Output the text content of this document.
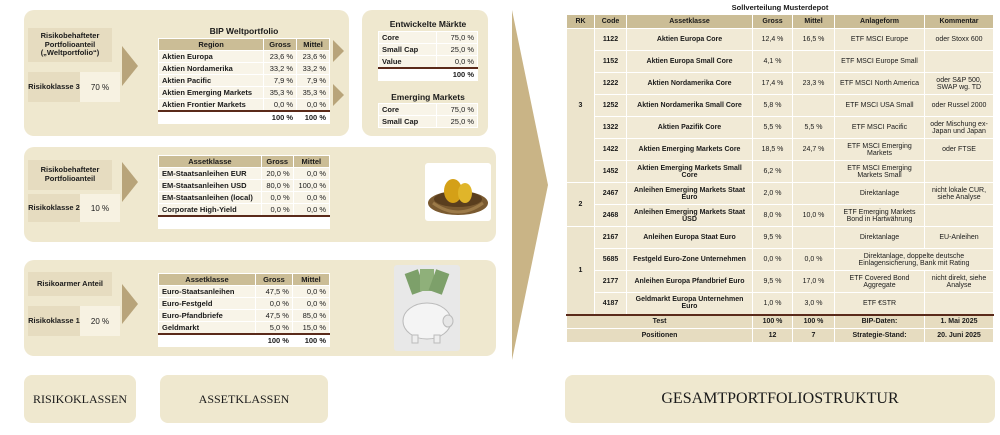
Risikobehafteter Portfolioanteil („Weltportfolio“)
Risikoklasse 3	70 %
BIP Weltportfolio
Region	Gross	Mittel
Aktien Europa	23,6 %	23,6 %
Aktien Nordamerika	33,2 %	33,2 %
Aktien Pacific	7,9 %	7,9 %
Aktien Emerging Markets	35,3 %	35,3 %
Aktien Frontier Markets	0,0 %	0,0 %
	100 %	100 %
Entwickelte Märkte
Core	75,0 %
Small Cap	25,0 %
Value	0,0 %
	100 %
Emerging Markets
Core	75,0 %
Small Cap	25,0 %
Risikobehafteter Portfolioanteil
Risikoklasse 2	10 %
Assetklasse	Gross	Mittel
EM-Staatsanleihen EUR	20,0 %	0,0 %
EM-Staatsanleihen USD	80,0 %	100,0 %
EM-Staatsanleihen (local)	0,0 %	0,0 %
Corporate High-Yield	0,0 %	0,0 %

Risikoarmer Anteil
Risikoklasse 1	20 %
Assetklasse	Gross	Mittel
Euro-Staatsanleihen	47,5 %	0,0 %
Euro-Festgeld	0,0 %	0,0 %
Euro-Pfandbriefe	47,5 %	85,0 %
Geldmarkt	5,0 %	15,0 %
	100 %	100 %
RISIKOKLASSEN	ASSETKLASSEN	GESAMTPORTFOLIOSTRUKTUR
Sollverteilung Musterdepot
RK	Code	Assetklasse	Gross	Mittel	Anlageform	Kommentar
3	1122	Aktien Europa Core	12,4 %	16,5 %	ETF MSCI Europe	oder Stoxx 600
	1152	Aktien Europa Small Core	4,1 %		ETF MSCI Europe Small	
	1222	Aktien Nordamerika Core	17,4 %	23,3 %	ETF MSCI North America	oder S&P 500, SWAP wg. TD
	1252	Aktien Nordamerika Small Core	5,8 %		ETF MSCI USA Small	oder Russel 2000
	1322	Aktien Pazifik Core	5,5 %	5,5 %	ETF MSCI Pacific	oder Mischung ex-Japan und Japan
	1422	Aktien Emerging Markets Core	18,5 %	24,7 %	ETF MSCI Emerging Markets	oder FTSE
	1452	Aktien Emerging Markets Small Core	6,2 %		ETF MSCI Emerging Markets Small	
2	2467	Anleihen Emerging Markets Staat Euro	2,0 %		Direktanlage	nicht lokale CUR, siehe Analyse
	2468	Anleihen Emerging Markets Staat USD	8,0 %	10,0 %	ETF Emerging Markets Bond in Hartwährung	
1	2167	Anleihen Europa Staat Euro	9,5 %		Direktanlage	EU-Anleihen
	5685	Festgeld Euro-Zone Unternehmen	0,0 %	0,0 %	Direktanlage, doppelte deutsche Einlagensicherung, Bank mit Rating	
	2177	Anleihen Europa Pfandbrief Euro	9,5 %	17,0 %	ETF Covered Bond Aggregate	nicht direkt, siehe Analyse
	4187	Geldmarkt Europa Unternehmen Euro	1,0 %	3,0 %	ETF €STR	
Test			100 %	100 %	BIP-Daten:	1. Mai 2025
Positionen			12	7	Strategie-Stand:	20. Juni 2025
